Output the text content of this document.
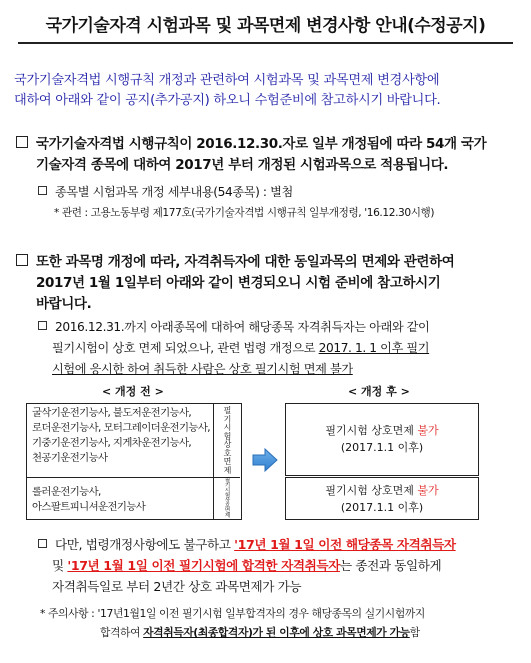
국가기술자격 시험과목 및 과목면제 변경사항 안내(수정공지)
국가기술자격법 시행규칙 개정과 관련하여 시험과목 및 과목면제 변경사항에
대하여 아래와 같이 공지(추가공지) 하오니 수험준비에 참고하시기 바랍니다.
국가기술자격법 시행규칙이 2016.12.30.자로 일부 개정됨에 따라 54개 국가
기술자격 종목에 대하여 2017년 부터 개정된 시험과목으로 적용됩니다.
종목별 시험과목 개정 세부내용(54종목) : 별첨
* 관련 : 고용노동부령 제177호(국가기술자격법 시행규칙 일부개정령, '16.12.30시행)
또한 과목명 개정에 따라, 자격취득자에 대한 동일과목의 면제와 관련하여
2017년 1월 1일부터 아래와 같이 변경되오니 시험 준비에 참고하시기
바랍니다.
2016.12.31.까지 아래종목에 대하여 해당종목 자격취득자는 아래와 같이
필기시험이 상호 면제 되었으나, 관련 법령 개정으로 2017. 1. 1 이후 필기
시험에 응시한 하여 취득한 사람은 상호 필기시험 면제 불가
< 개정 전 >	< 개정 후 >
굴삭기운전기능사, 불도저운전기능사,
로더운전기능사, 모터그레이더운전기능사,
기중기운전기능사, 지게차운전기능사,
천공기운전기능사
필
기
시
험
상
호
면
제
롤러운전기능사,
아스팔트피니셔운전기능사
필
기
시
험
상
호
면
제
필기시험 상호면제 불가
(2017.1.1 이후)
필기시험 상호면제 불가
(2017.1.1 이후)
다만, 법령개정사항에도 불구하고 '17년 1월 1일 이전 해당종목 자격취득자
및 '17년 1월 1일 이전 필기시험에 합격한 자격취득자는 종전과 동일하게
자격취득일로 부터 2년간 상호 과목면제가 가능
* 주의사항 : '17년1월1일 이전 필기시험 일부합격자의 경우 해당종목의 실기시험까지
합격하여 자격취득자(최종합격자)가 된 이후에 상호 과목면제가 가능함
